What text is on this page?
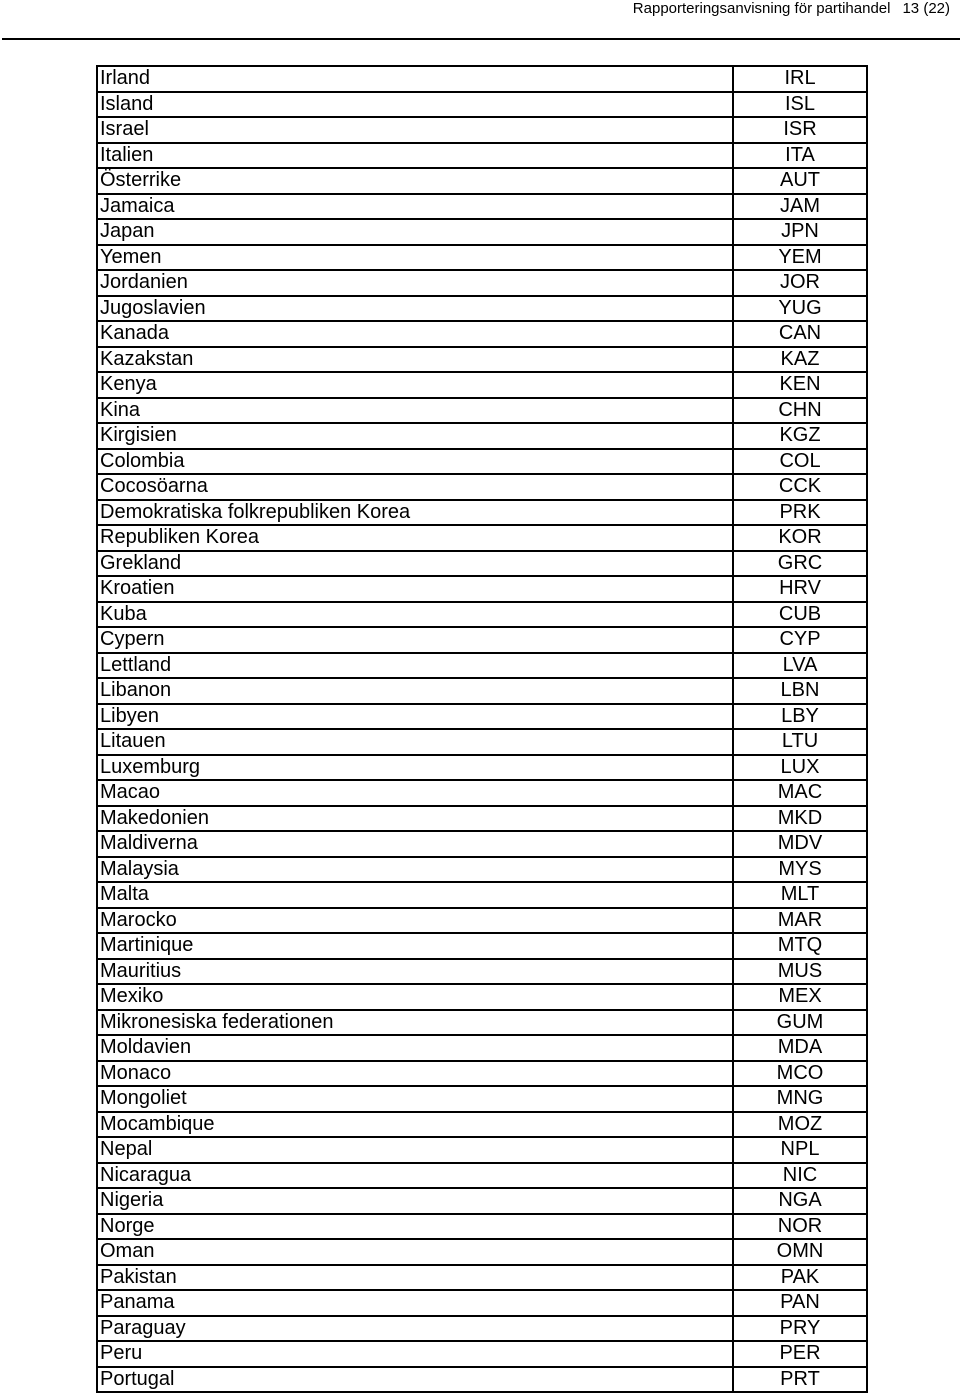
Rapporteringsanvisning för partihandel 13 (22)
Irland	IRL
Island	ISL
Israel	ISR
Italien	ITA
Österrike	AUT
Jamaica	JAM
Japan	JPN
Yemen	YEM
Jordanien	JOR
Jugoslavien	YUG
Kanada	CAN
Kazakstan	KAZ
Kenya	KEN
Kina	CHN
Kirgisien	KGZ
Colombia	COL
Cocosöarna	CCK
Demokratiska folkrepubliken Korea	PRK
Republiken Korea	KOR
Grekland	GRC
Kroatien	HRV
Kuba	CUB
Cypern	CYP
Lettland	LVA
Libanon	LBN
Libyen	LBY
Litauen	LTU
Luxemburg	LUX
Macao	MAC
Makedonien	MKD
Maldiverna	MDV
Malaysia	MYS
Malta	MLT
Marocko	MAR
Martinique	MTQ
Mauritius	MUS
Mexiko	MEX
Mikronesiska federationen	GUM
Moldavien	MDA
Monaco	MCO
Mongoliet	MNG
Mocambique	MOZ
Nepal	NPL
Nicaragua	NIC
Nigeria	NGA
Norge	NOR
Oman	OMN
Pakistan	PAK
Panama	PAN
Paraguay	PRY
Peru	PER
Portugal	PRT
